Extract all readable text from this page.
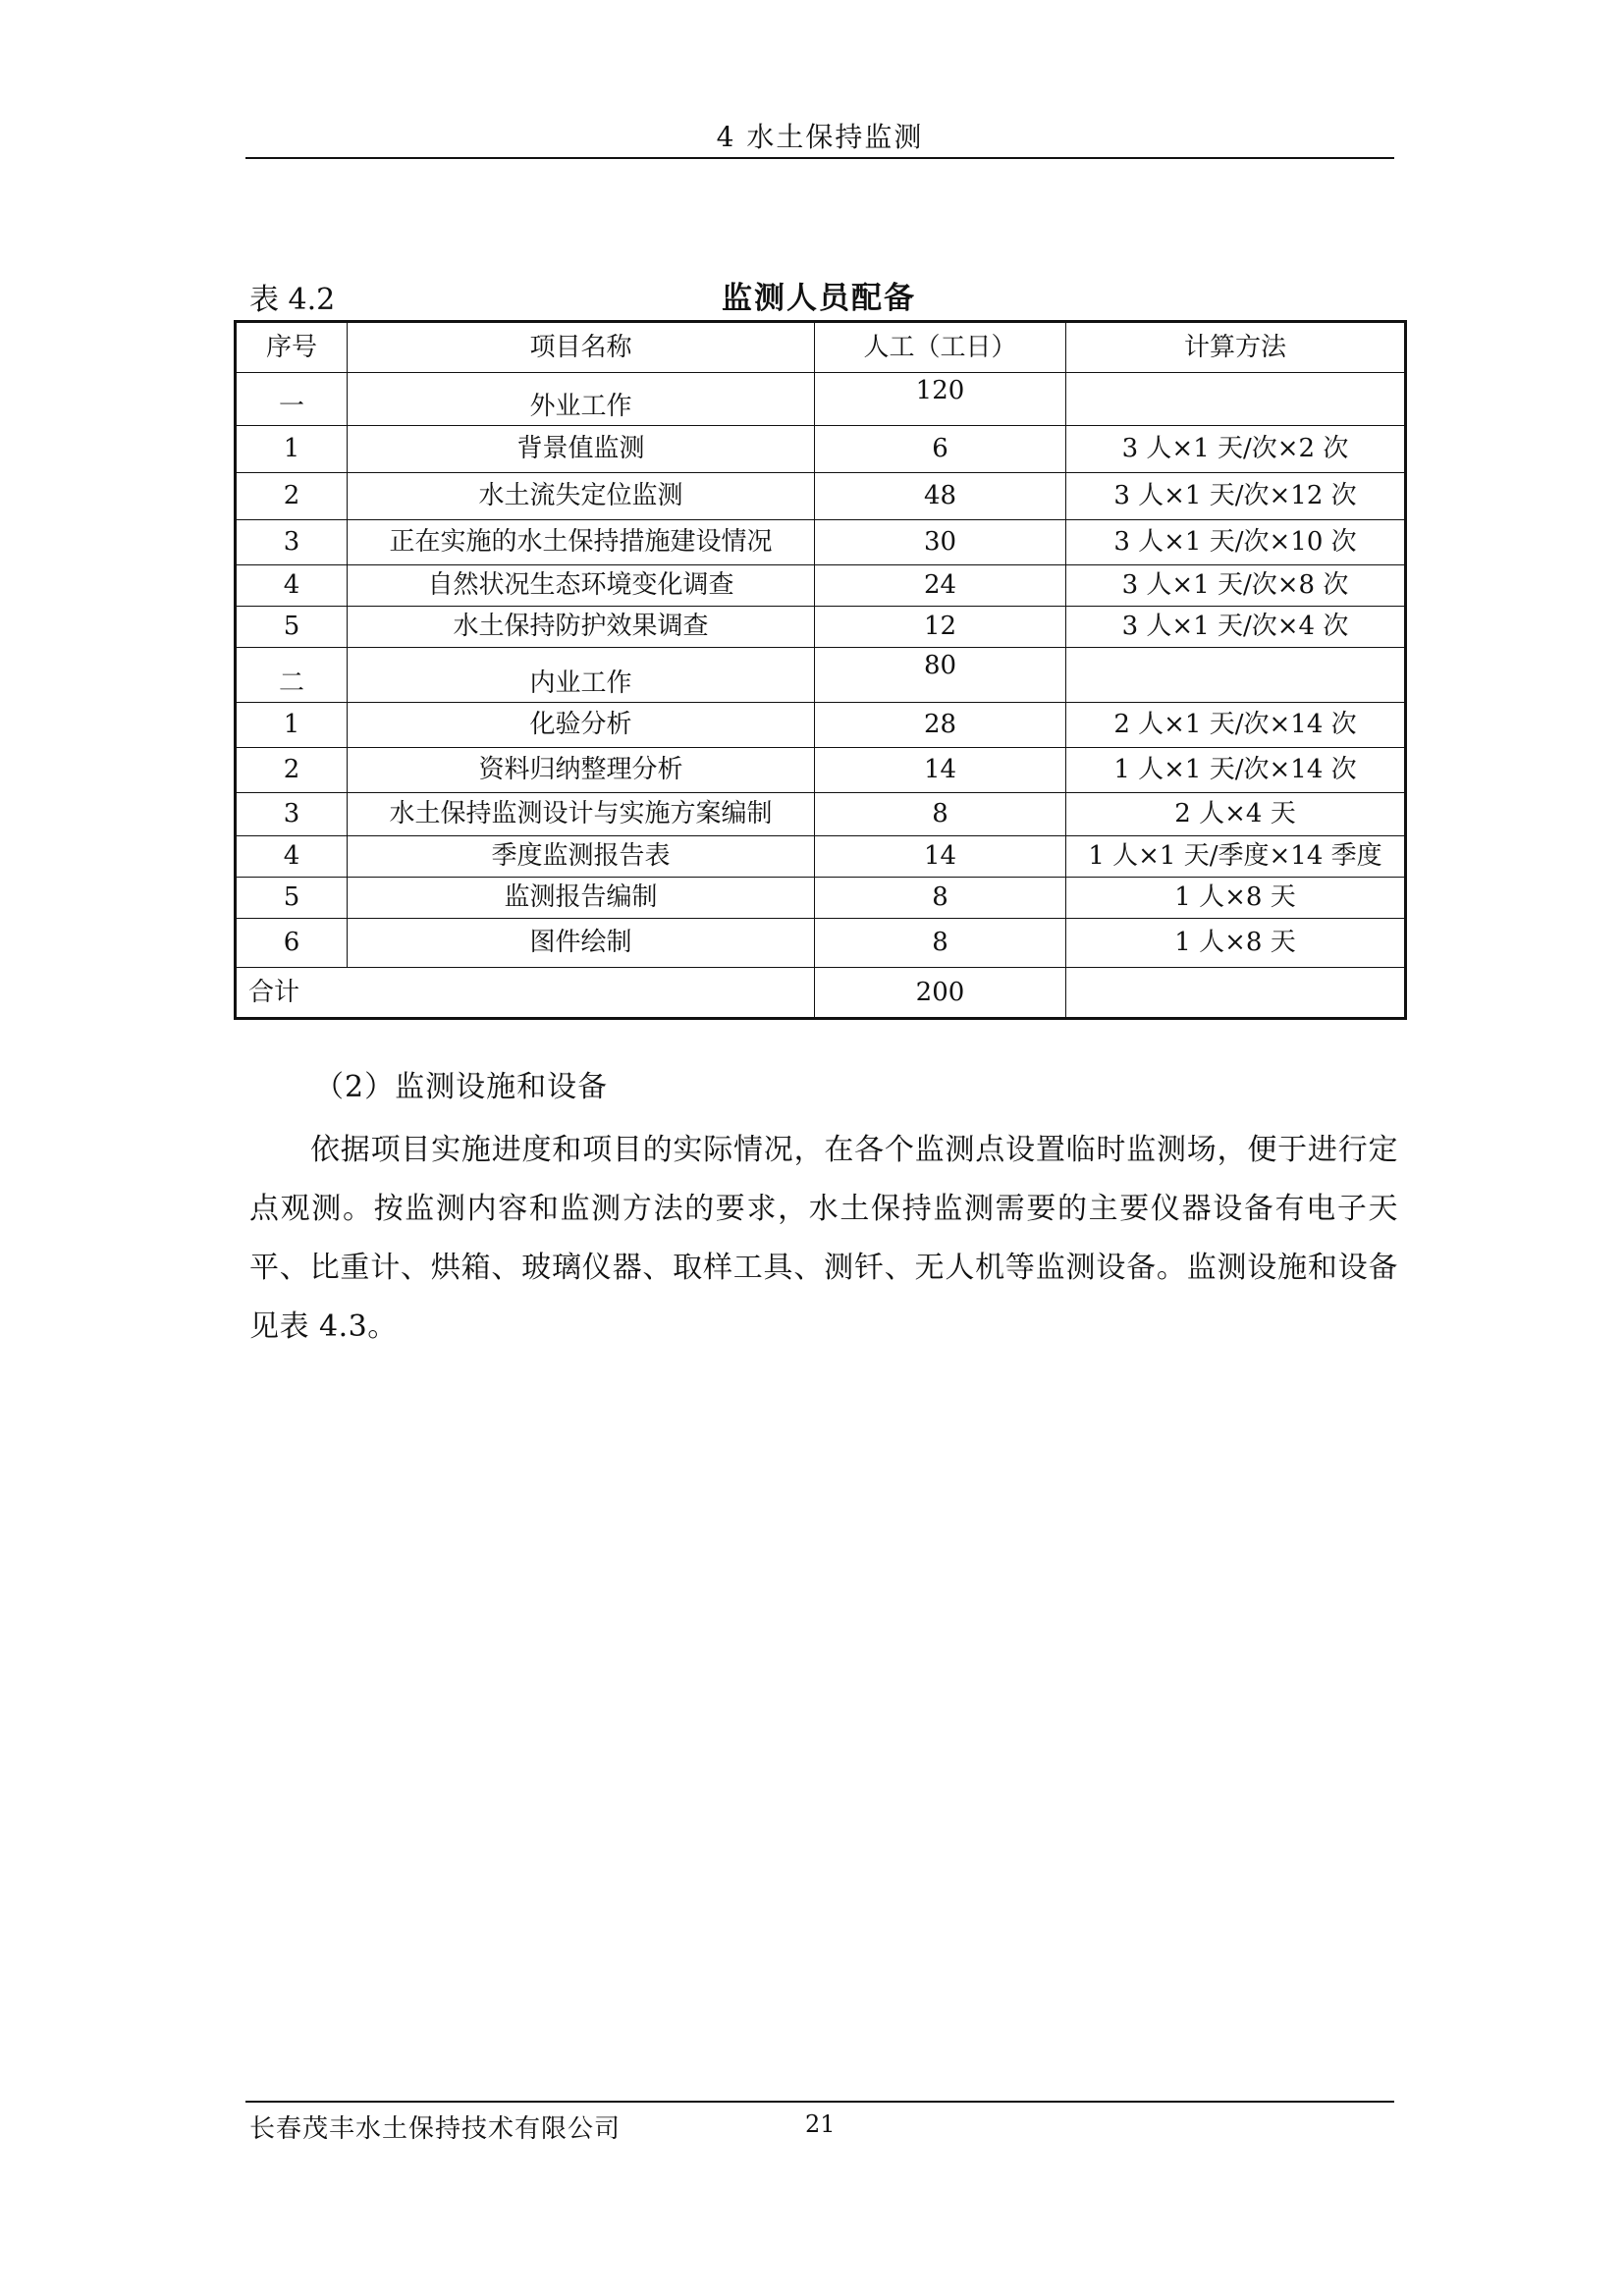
4 水土保持监测
表 4.2	监测人员配备
序号	项目名称	人工（工日）	计算方法
一	外业工作	120	
1	背景值监测	6	3 人×1 天/次×2 次
2	水土流失定位监测	48	3 人×1 天/次×12 次
3	正在实施的水土保持措施建设情况	30	3 人×1 天/次×10 次
4	自然状况生态环境变化调查	24	3 人×1 天/次×8 次
5	水土保持防护效果调查	12	3 人×1 天/次×4 次
二	内业工作	80	
1	化验分析	28	2 人×1 天/次×14 次
2	资料归纳整理分析	14	1 人×1 天/次×14 次
3	水土保持监测设计与实施方案编制	8	2 人×4 天
4	季度监测报告表	14	1 人×1 天/季度×14 季度
5	监测报告编制	8	1 人×8 天
6	图件绘制	8	1 人×8 天
合计		200	
（2）监测设施和设备
依据项目实施进度和项目的实际情况，在各个监测点设置临时监测场，便于进行定点观测。按监测内容和监测方法的要求，水土保持监测需要的主要仪器设备有电子天平、比重计、烘箱、玻璃仪器、取样工具、测钎、无人机等监测设备。监测设施和设备见表 4.3。
长春茂丰水土保持技术有限公司	21
